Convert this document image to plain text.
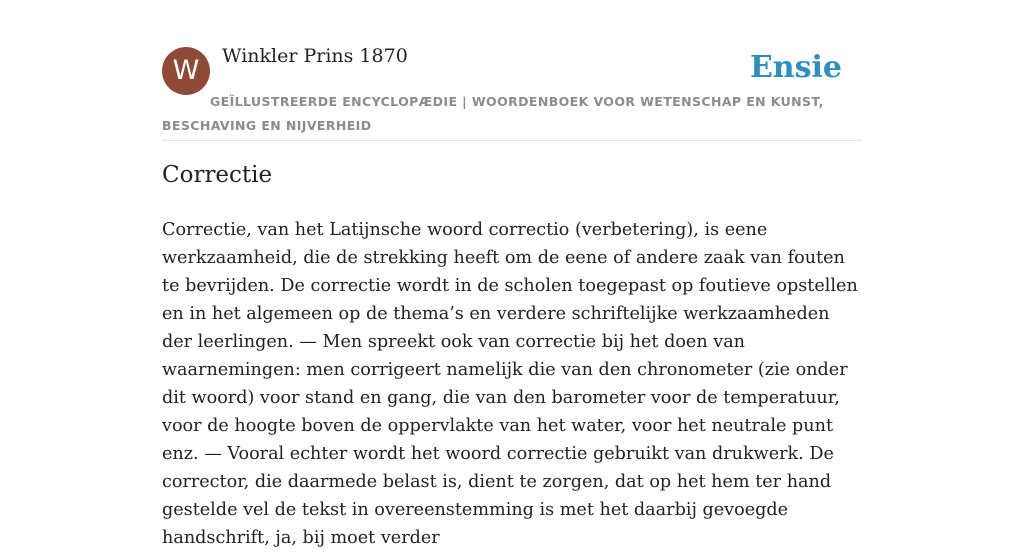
W	Winkler Prins 1870	Ensie
GEÏLLUSTREERDE ENCYCLOPÆDIE | WOORDENBOEK VOOR WETENSCHAP EN KUNST, BESCHAVING EN NIJVERHEID
Correctie

Correctie, van het Latijnsche woord correctio (verbetering), is eene werkzaamheid, die de strekking heeft om de eene of andere zaak van fouten te bevrijden. De correctie wordt in de scholen toegepast op foutieve opstellen en in het algemeen op de thema’s en verdere schriftelijke werkzaamheden der leerlingen. — Men spreekt ook van correctie bij het doen van waarnemingen: men corrigeert namelijk die van den chronometer (zie onder dit woord) voor stand en gang, die van den barometer voor de temperatuur, voor de hoogte boven de oppervlakte van het water, voor het neutrale punt enz. — Vooral echter wordt het woord correctie gebruikt van drukwerk. De corrector, die daarmede belast is, dient te zorgen, dat op het hem ter hand gestelde vel de tekst in overeenstemming is met het daarbij gevoegde handschrift, ja, bij moet verder
